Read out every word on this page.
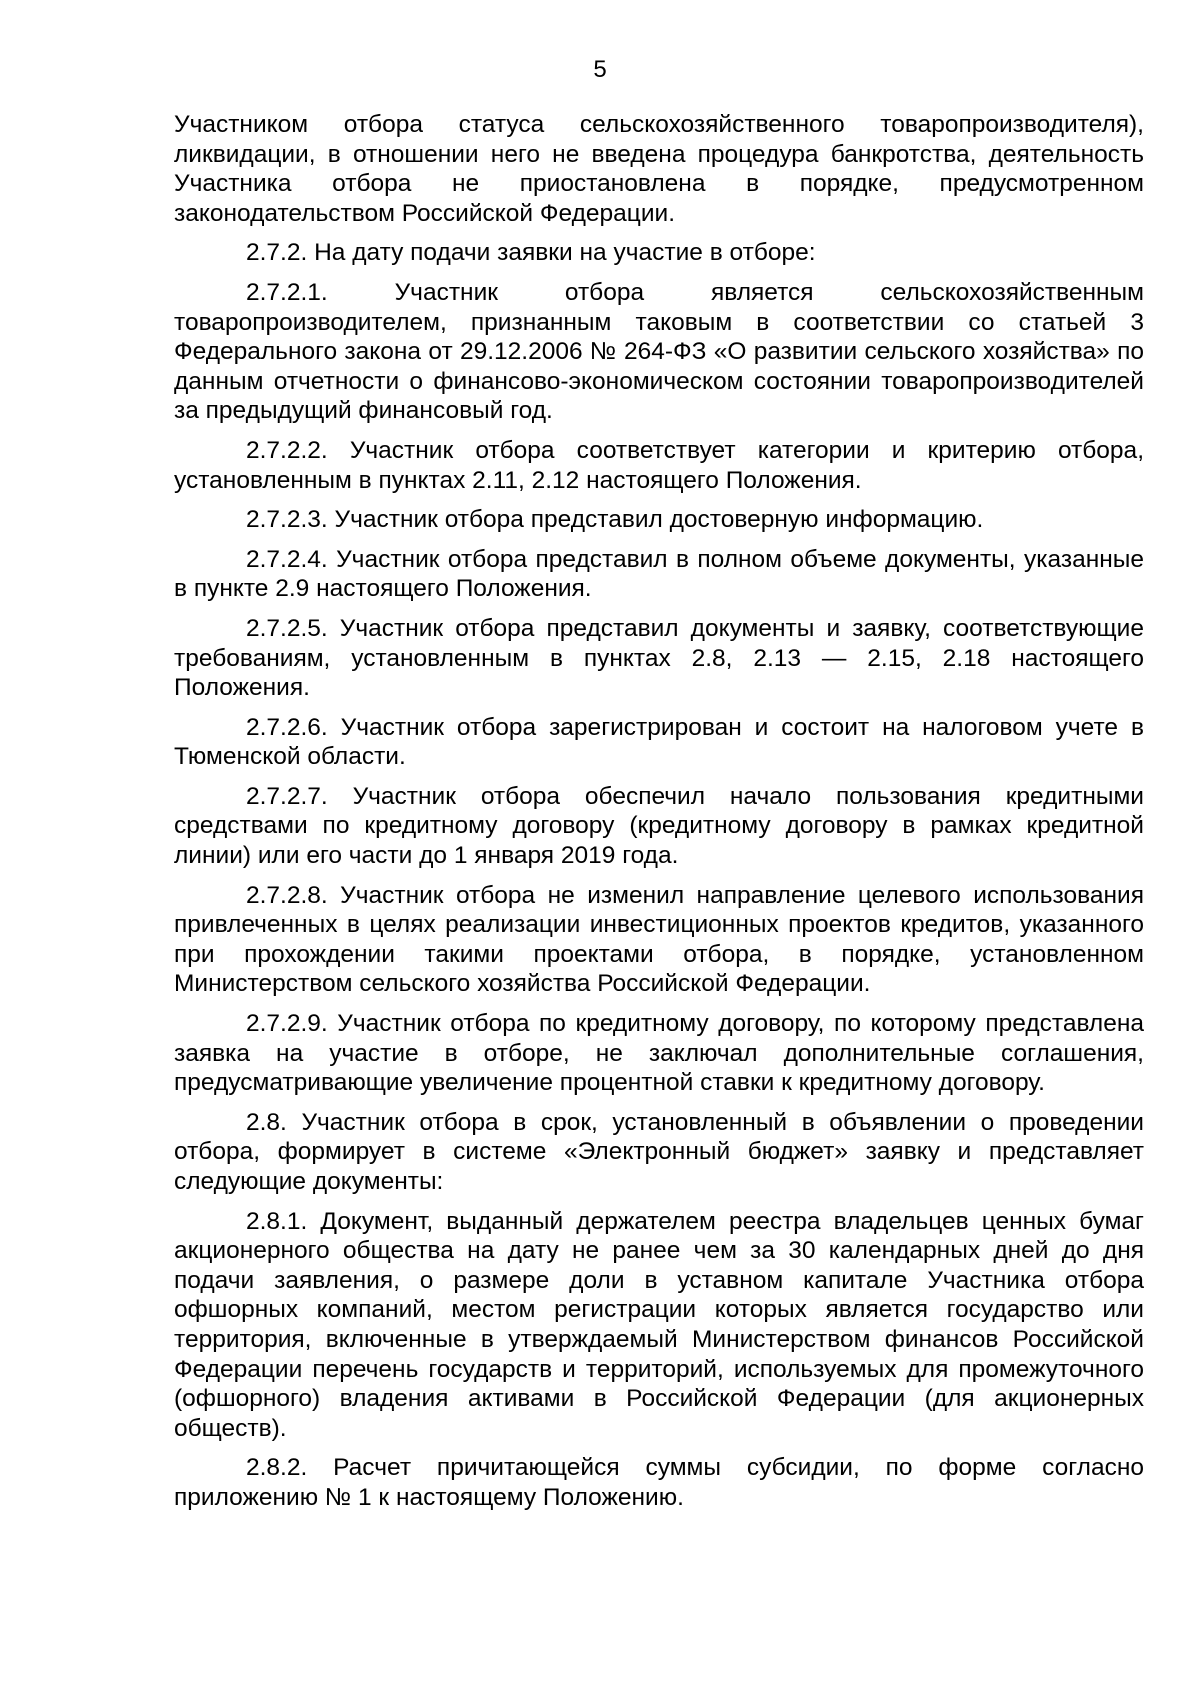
5

Участником отбора статуса сельскохозяйственного товаропроизводителя), ликвидации, в отношении него не введена процедура банкротства, деятельность Участника отбора не приостановлена в порядке, предусмотренном законодательством Российской Федерации.

2.7.2. На дату подачи заявки на участие в отборе:

2.7.2.1. Участник отбора является сельскохозяйственным товаропроизводителем, признанным таковым в соответствии со статьей 3 Федерального закона от 29.12.2006 № 264-ФЗ «О развитии сельского хозяйства» по данным отчетности о финансово-экономическом состоянии товаропроизводителей за предыдущий финансовый год.

2.7.2.2. Участник отбора соответствует категории и критерию отбора, установленным в пунктах 2.11, 2.12 настоящего Положения.

2.7.2.3. Участник отбора представил достоверную информацию.

2.7.2.4. Участник отбора представил в полном объеме документы, указанные в пункте 2.9 настоящего Положения.

2.7.2.5. Участник отбора представил документы и заявку, соответствующие требованиям, установленным в пунктах 2.8, 2.13 — 2.15, 2.18 настоящего Положения.

2.7.2.6. Участник отбора зарегистрирован и состоит на налоговом учете в Тюменской области.

2.7.2.7. Участник отбора обеспечил начало пользования кредитными средствами по кредитному договору (кредитному договору в рамках кредитной линии) или его части до 1 января 2019 года.

2.7.2.8. Участник отбора не изменил направление целевого использования привлеченных в целях реализации инвестиционных проектов кредитов, указанного при прохождении такими проектами отбора, в порядке, установленном Министерством сельского хозяйства Российской Федерации.

2.7.2.9. Участник отбора по кредитному договору, по которому представлена заявка на участие в отборе, не заключал дополнительные соглашения, предусматривающие увеличение процентной ставки к кредитному договору.

2.8. Участник отбора в срок, установленный в объявлении о проведении отбора, формирует в системе «Электронный бюджет» заявку и представляет следующие документы:

2.8.1. Документ, выданный держателем реестра владельцев ценных бумаг акционерного общества на дату не ранее чем за 30 календарных дней до дня подачи заявления, о размере доли в уставном капитале Участника отбора офшорных компаний, местом регистрации которых является государство или территория, включенные в утверждаемый Министерством финансов Российской Федерации перечень государств и территорий, используемых для промежуточного (офшорного) владения активами в Российской Федерации (для акционерных обществ).

2.8.2. Расчет причитающейся суммы субсидии, по форме согласно приложению № 1 к настоящему Положению.
